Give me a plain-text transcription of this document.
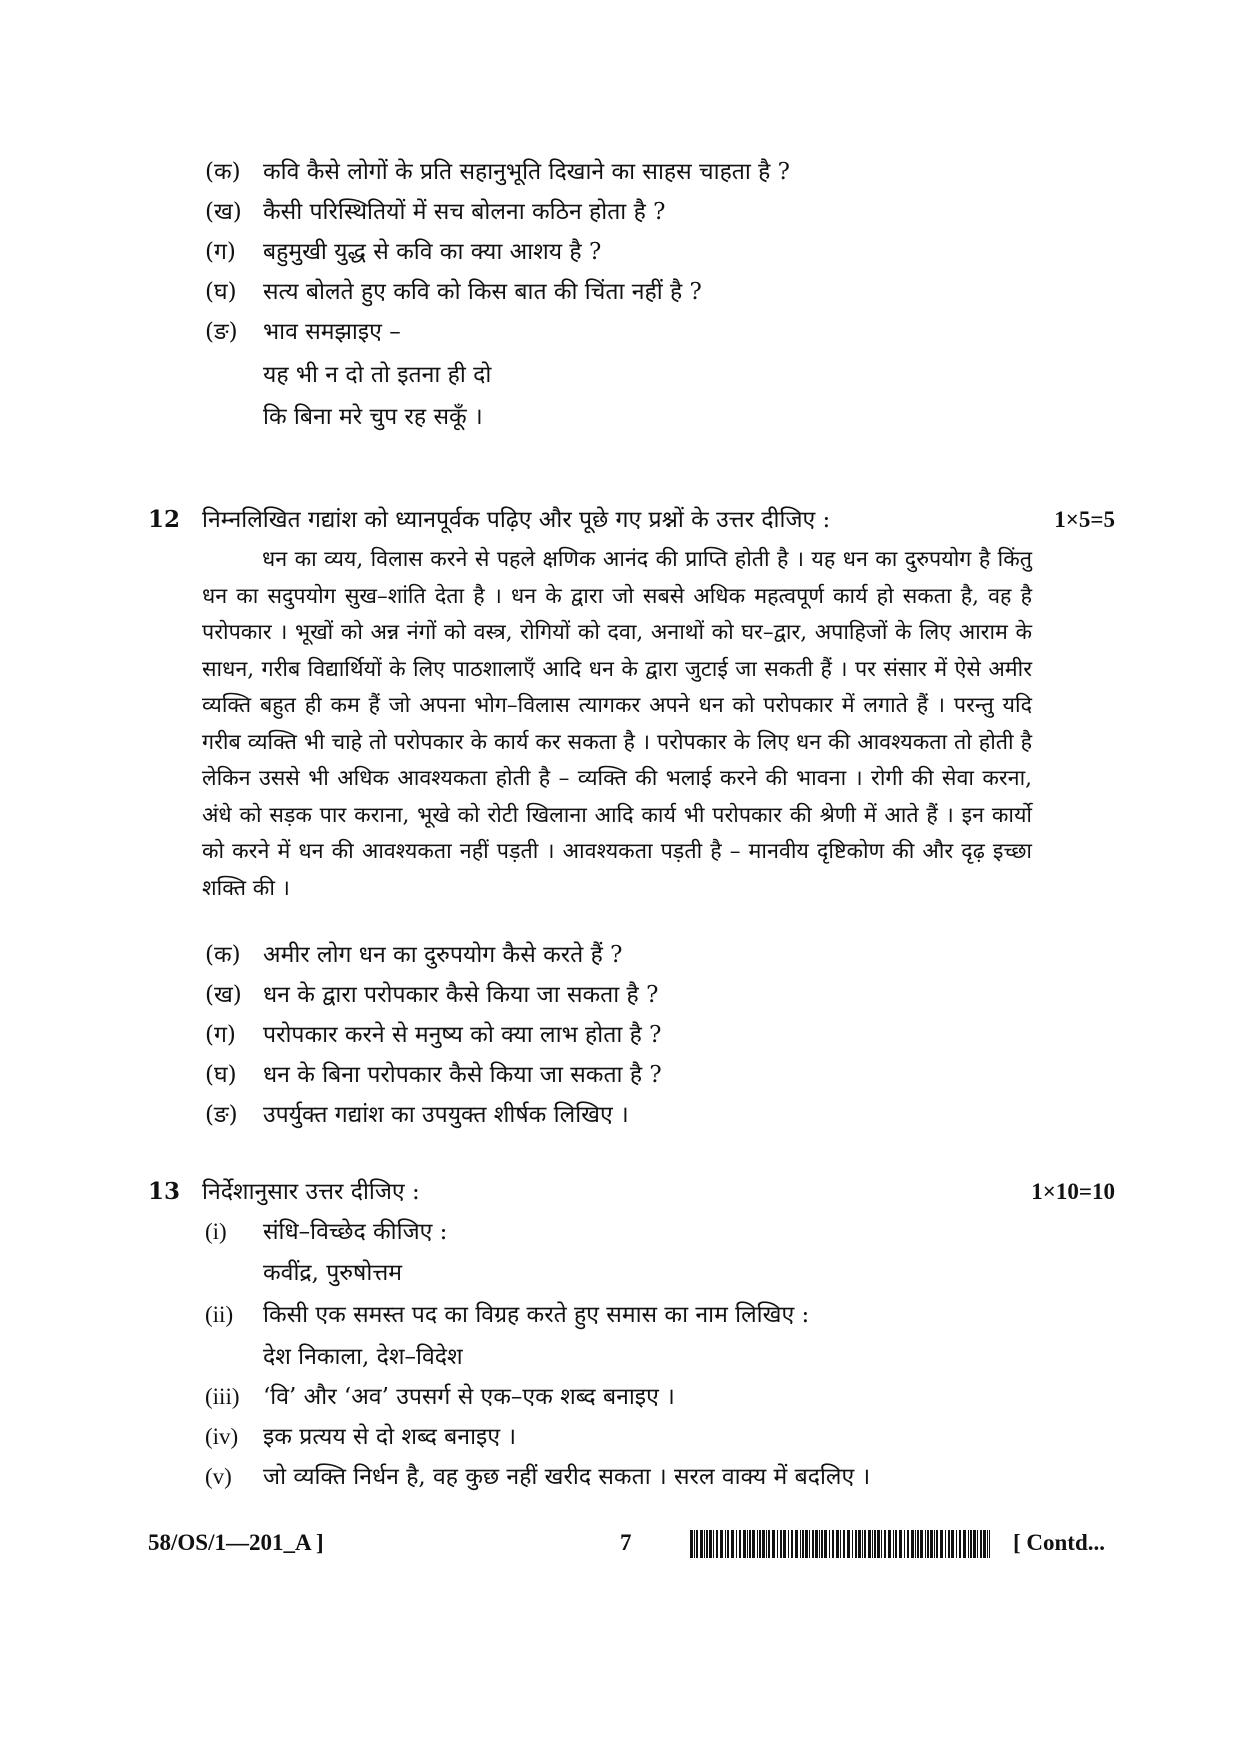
(क) कवि कैसे लोगों के प्रति सहानुभूति दिखाने का साहस चाहता है ?
(ख) कैसी परिस्थितियों में सच बोलना कठिन होता है ?
(ग) बहुमुखी युद्ध से कवि का क्या आशय है ?
(घ) सत्य बोलते हुए कवि को किस बात की चिंता नहीं है ?
(ङ) भाव समझाइए –
यह भी न दो तो इतना ही दो
कि बिना मरे चुप रह सकूँ ।
12 निम्नलिखित गद्यांश को ध्यानपूर्वक पढ़िए और पूछे गए प्रश्नों के उत्तर दीजिए :	1×5=5
धन का व्यय, विलास करने से पहले क्षणिक आनंद की प्राप्ति होती है । यह धन का दुरुपयोग है किंतु धन का सदुपयोग सुख–शांति देता है । धन के द्वारा जो सबसे अधिक महत्वपूर्ण कार्य हो सकता है, वह है परोपकार । भूखों को अन्न नंगों को वस्त्र, रोगियों को दवा, अनाथों को घर–द्वार, अपाहिजों के लिए आराम के साधन, गरीब विद्यार्थियों के लिए पाठशालाएँ आदि धन के द्वारा जुटाई जा सकती हैं । पर संसार में ऐसे अमीर व्यक्ति बहुत ही कम हैं जो अपना भोग–विलास त्यागकर अपने धन को परोपकार में लगाते हैं । परन्तु यदि गरीब व्यक्ति भी चाहे तो परोपकार के कार्य कर सकता है । परोपकार के लिए धन की आवश्यकता तो होती है लेकिन उससे भी अधिक आवश्यकता होती है – व्यक्ति की भलाई करने की भावना । रोगी की सेवा करना, अंधे को सड़क पार कराना, भूखे को रोटी खिलाना आदि कार्य भी परोपकार की श्रेणी में आते हैं । इन कार्यो को करने में धन की आवश्यकता नहीं पड़ती । आवश्यकता पड़ती है – मानवीय दृष्टिकोण की और दृढ़ इच्छा शक्ति की ।
(क) अमीर लोग धन का दुरुपयोग कैसे करते हैं ?
(ख) धन के द्वारा परोपकार कैसे किया जा सकता है ?
(ग) परोपकार करने से मनुष्य को क्या लाभ होता है ?
(घ) धन के बिना परोपकार कैसे किया जा सकता है ?
(ङ) उपर्युक्त गद्यांश का उपयुक्त शीर्षक लिखिए ।
13 निर्देशानुसार उत्तर दीजिए :	1×10=10
(i) संधि–विच्छेद कीजिए :
कवींद्र, पुरुषोत्तम
(ii) किसी एक समस्त पद का विग्रह करते हुए समास का नाम लिखिए :
देश निकाला, देश–विदेश
(iii) ‘वि’ और ‘अव’ उपसर्ग से एक–एक शब्द बनाइए ।
(iv) इक प्रत्यय से दो शब्द बनाइए ।
(v) जो व्यक्ति निर्धन है, वह कुछ नहीं खरीद सकता । सरल वाक्य में बदलिए ।
58/OS/1—201_A ]	7	[ Contd...
